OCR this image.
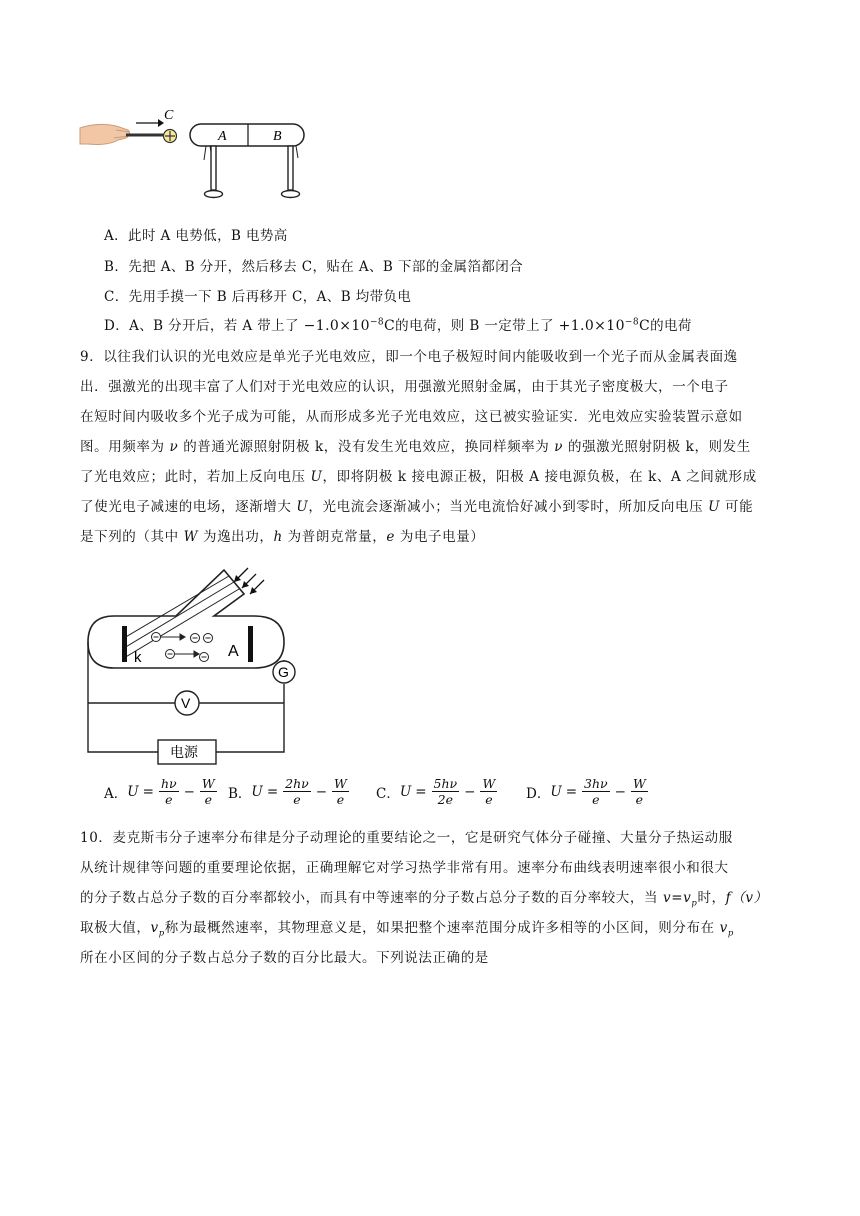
C
A	B
A．此时 A 电势低，B 电势高
B．先把 A、B 分开，然后移去 C，贴在 A、B 下部的金属箔都闭合
C．先用手摸一下 B 后再移开 C，A、B 均带负电
D．A、B 分开后，若 A 带上了 $-1.0\times 10^{-8}C$的电荷，则 B 一定带上了 $+1.0\times 10^{-8}C$的电荷
9．以往我们认识的光电效应是单光子光电效应，即一个电子极短时间内能吸收到一个光子而从金属表面逸
出．强激光的出现丰富了人们对于光电效应的认识，用强激光照射金属，由于其光子密度极大，一个电子
在短时间内吸收多个光子成为可能，从而形成多光子光电效应，这已被实验证实．光电效应实验装置示意如
图。用频率为 ν 的普通光源照射阴极 k，没有发生光电效应，换同样频率为 ν 的强激光照射阴极 k，则发生
了光电效应；此时，若加上反向电压 U，即将阴极 k 接电源正极，阳极 A 接电源负极，在 k、A 之间就形成
了使光电子减速的电场，逐渐增大 U，光电流会逐渐减小；当光电流恰好减小到零时，所加反向电压 U 可能
是下列的（其中 W 为逸出功，h 为普朗克常量，e 为电子电量）
k	A
G
V
电源
A． $U = \frac{h\nu}{e} - \frac{W}{e}$ B． $U = \frac{2h\nu}{e} - \frac{W}{e}$ C． $U = \frac{5h\nu}{2e} - \frac{W}{e}$ D． $U = \frac{3h\nu}{e} - \frac{W}{e}$
10．麦克斯韦分子速率分布律是分子动理论的重要结论之一，它是研究气体分子碰撞、大量分子热运动服
从统计规律等问题的重要理论依据，正确理解它对学习热学非常有用。速率分布曲线表明速率很小和很大
的分子数占总分子数的百分率都较小，而具有中等速率的分子数占总分子数的百分率较大，当 $v=v_p$时，f（v）
取极大值，$v_p$称为最概然速率，其物理意义是，如果把整个速率范围分成许多相等的小区间，则分布在 $v_p$
所在小区间的分子数占总分子数的百分比最大。下列说法正确的是
